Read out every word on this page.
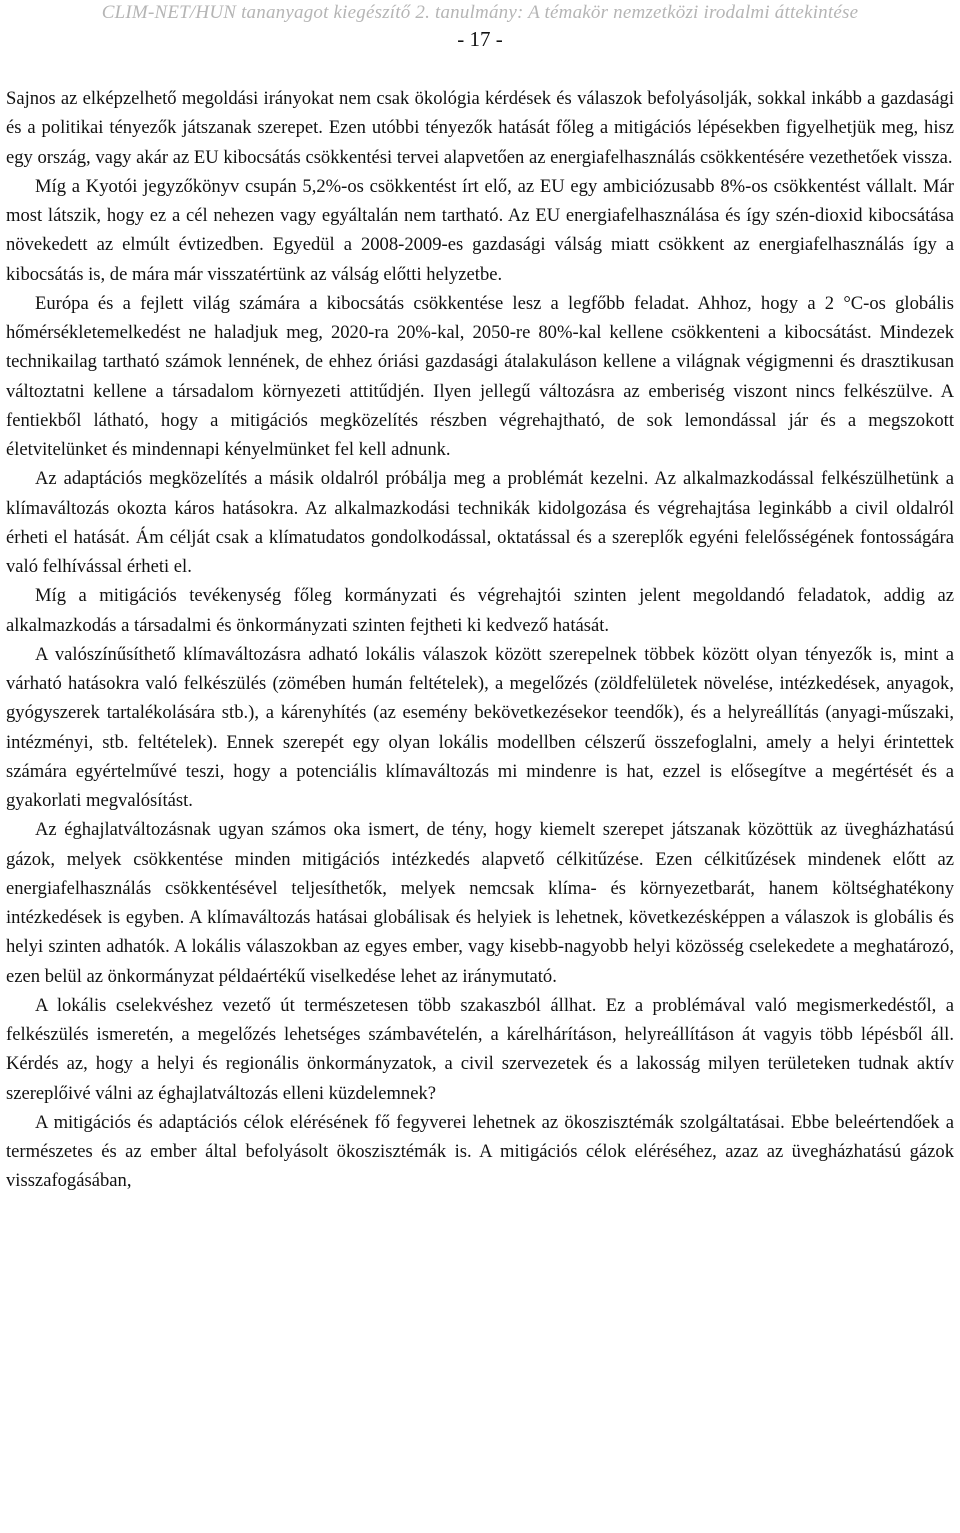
CLIM-NET/HUN tananyagot kiegészítő 2. tanulmány: A témakör nemzetközi irodalmi áttekintése
- 17 -

Sajnos az elképzelhető megoldási irányokat nem csak ökológia kérdések és válaszok befolyásolják, sokkal inkább a gazdasági és a politikai tényezők játszanak szerepet. Ezen utóbbi tényezők hatását főleg a mitigációs lépésekben figyelhetjük meg, hisz egy ország, vagy akár az EU kibocsátás csökkentési tervei alapvetően az energiafelhasználás csökkentésére vezethetőek vissza.

Míg a Kyotói jegyzőkönyv csupán 5,2%-os csökkentést írt elő, az EU egy ambiciózusabb 8%-os csökkentést vállalt. Már most látszik, hogy ez a cél nehezen vagy egyáltalán nem tartható. Az EU energiafelhasználása és így szén-dioxid kibocsátása növekedett az elmúlt évtizedben. Egyedül a 2008-2009-es gazdasági válság miatt csökkent az energiafelhasználás így a kibocsátás is, de mára már visszatértünk az válság előtti helyzetbe.

Európa és a fejlett világ számára a kibocsátás csökkentése lesz a legfőbb feladat. Ahhoz, hogy a 2 °C-os globális hőmérsékletemelkedést ne haladjuk meg, 2020-ra 20%-kal, 2050-re 80%-kal kellene csökkenteni a kibocsátást. Mindezek technikailag tartható számok lennének, de ehhez óriási gazdasági átalakuláson kellene a világnak végigmenni és drasztikusan változtatni kellene a társadalom környezeti attitűdjén. Ilyen jellegű változásra az emberiség viszont nincs felkészülve. A fentiekből látható, hogy a mitigációs megközelítés részben végrehajtható, de sok lemondással jár és a megszokott életvitelünket és mindennapi kényelmünket fel kell adnunk.

Az adaptációs megközelítés a másik oldalról próbálja meg a problémát kezelni. Az alkalmazkodással felkészülhetünk a klímaváltozás okozta káros hatásokra. Az alkalmazkodási technikák kidolgozása és végrehajtása leginkább a civil oldalról érheti el hatását. Ám célját csak a klímatudatos gondolkodással, oktatással és a szereplők egyéni felelősségének fontosságára való felhívással érheti el.

Míg a mitigációs tevékenység főleg kormányzati és végrehajtói szinten jelent megoldandó feladatok, addig az alkalmazkodás a társadalmi és önkormányzati szinten fejtheti ki kedvező hatását.

A valószínűsíthető klímaváltozásra adható lokális válaszok között szerepelnek többek között olyan tényezők is, mint a várható hatásokra való felkészülés (zömében humán feltételek), a megelőzés (zöldfelületek növelése, intézkedések, anyagok, gyógyszerek tartalékolására stb.), a kárenyhítés (az esemény bekövetkezésekor teendők), és a helyreállítás (anyagi-műszaki, intézményi, stb. feltételek). Ennek szerepét egy olyan lokális modellben célszerű összefoglalni, amely a helyi érintettek számára egyértelművé teszi, hogy a potenciális klímaváltozás mi mindenre is hat, ezzel is elősegítve a megértését és a gyakorlati megvalósítást.

Az éghajlatváltozásnak ugyan számos oka ismert, de tény, hogy kiemelt szerepet játszanak közöttük az üvegházhatású gázok, melyek csökkentése minden mitigációs intézkedés alapvető célkitűzése. Ezen célkitűzések mindenek előtt az energiafelhasználás csökkentésével teljesíthetők, melyek nemcsak klíma- és környezetbarát, hanem költséghatékony intézkedések is egyben. A klímaváltozás hatásai globálisak és helyiek is lehetnek, következésképpen a válaszok is globális és helyi szinten adhatók. A lokális válaszokban az egyes ember, vagy kisebb-nagyobb helyi közösség cselekedete a meghatározó, ezen belül az önkormányzat példaértékű viselkedése lehet az iránymutató.

A lokális cselekvéshez vezető út természetesen több szakaszból állhat. Ez a problémával való megismerkedéstől, a felkészülés ismeretén, a megelőzés lehetséges számbavételén, a kárelhárításon, helyreállításon át vagyis több lépésből áll. Kérdés az, hogy a helyi és regionális önkormányzatok, a civil szervezetek és a lakosság milyen területeken tudnak aktív szereplőivé válni az éghajlatváltozás elleni küzdelemnek?

A mitigációs és adaptációs célok elérésének fő fegyverei lehetnek az ökoszisztémák szolgáltatásai. Ebbe beleértendőek a természetes és az ember által befolyásolt ökoszisztémák is. A mitigációs célok eléréséhez, azaz az üvegházhatású gázok visszafogásában,
